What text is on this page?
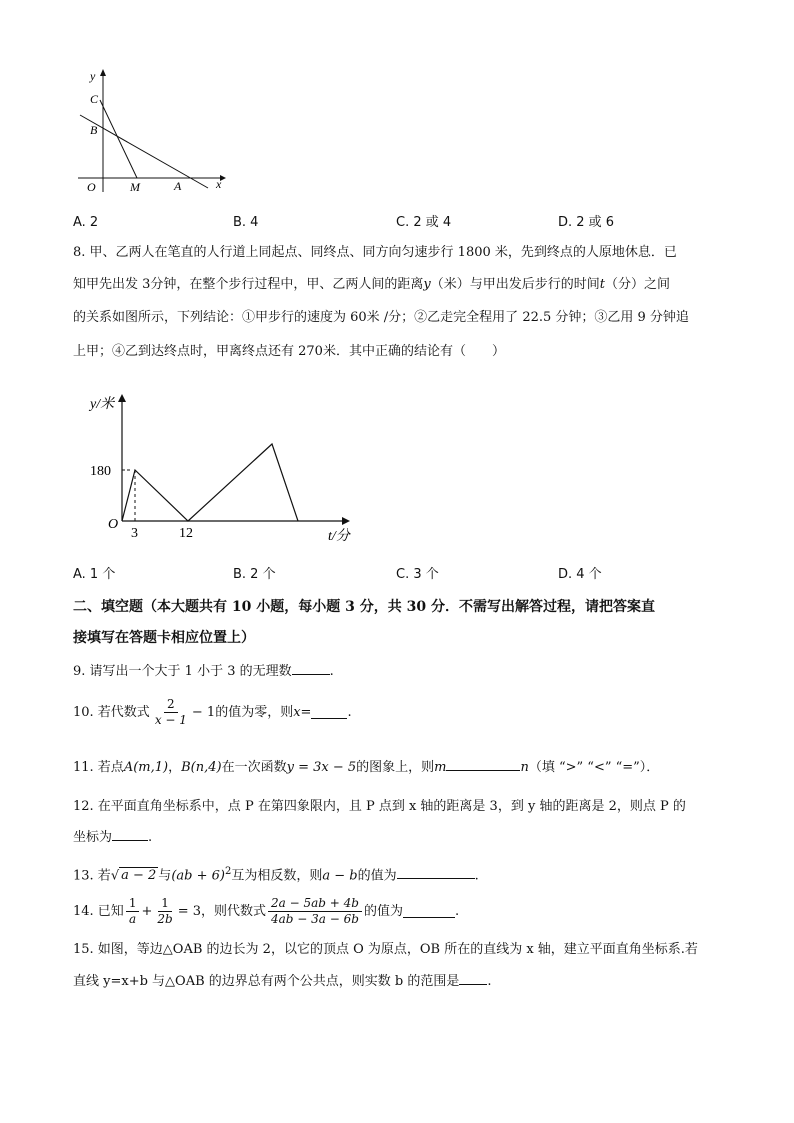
y
C
B
O	M	A	x
A. 2	B. 4	C. 2 或 4	D. 2 或 6
8. 甲、乙两人在笔直的人行道上同起点、同终点、同方向匀速步行 1800 米，先到终点的人原地休息．已
知甲先出发 3分钟，在整个步行过程中，甲、乙两人间的距离y（米）与甲出发后步行的时间t（分）之间
的关系如图所示，下列结论：①甲步行的速度为 60米 /分；②乙走完全程用了 22.5 分钟；③乙用 9 分钟追
上甲；④乙到达终点时，甲离终点还有 270米．其中正确的结论有（　　）
y/米
180
O
3	12	t/分
A. 1 个	B. 2 个	C. 3 个	D. 4 个
二、填空题（本大题共有 10 小题，每小题 3 分，共 30 分．不需写出解答过程，请把答案直
接填写在答题卡相应位置上）
9. 请写出一个大于 1 小于 3 的无理数	.
10. 若代数式 $\frac{2}{x - 1} - 1$的值为零，则 x =	.
11. 若点A(m,1)，B(n,4)在一次函数y = 3x − 5的图象上，则m	n（填 “>” “<” “=”）．
12. 在平面直角坐标系中，点 P 在第四象限内，且 P 点到 x 轴的距离是 3，到 y 轴的距离是 2，则点 P 的
坐标为	.
13. 若√ a − 2 与(ab + 6)$^2$互为相反数，则a − b的值为	.
14. 已知 $\frac{1}{a} + \frac{1}{2b} = 3$，则代数式 $\frac{2a - 5ab + 4b}{4ab - 3a - 6b}$ 的值为	.
15. 如图，等边△OAB 的边长为 2，以它的顶点 O 为原点，OB 所在的直线为 x 轴，建立平面直角坐标系.若
直线 y=x+b 与△OAB 的边界总有两个公共点，则实数 b 的范围是 .
